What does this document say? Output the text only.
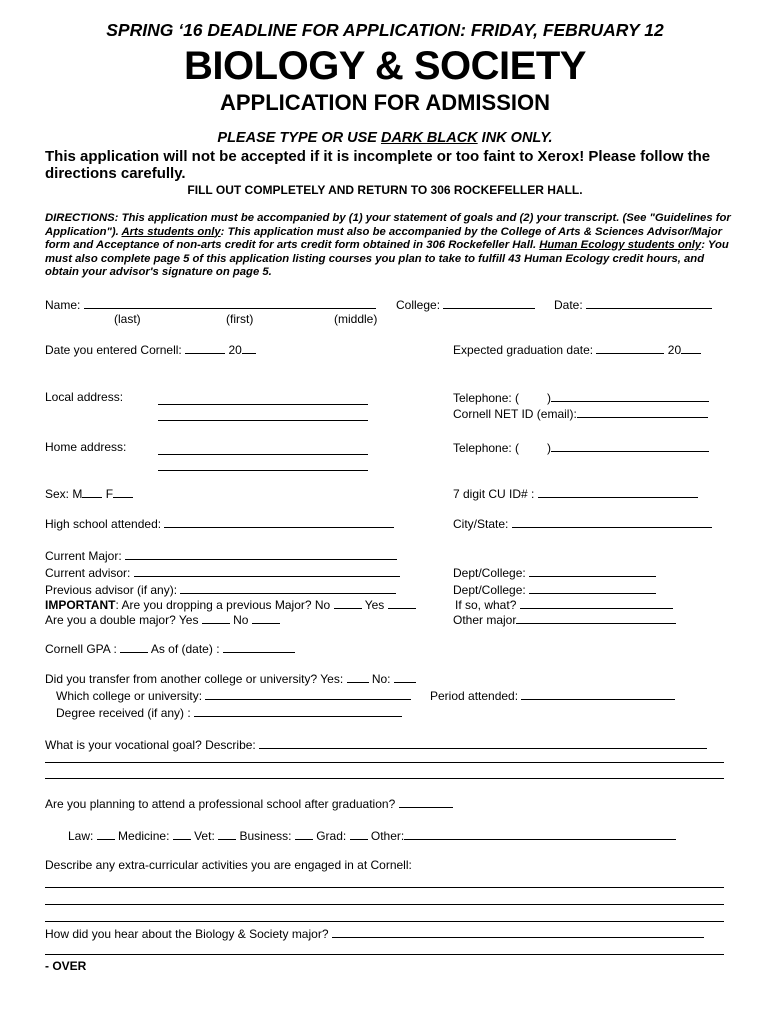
SPRING ‘16 DEADLINE FOR APPLICATION: FRIDAY, FEBRUARY 12
BIOLOGY & SOCIETY
APPLICATION FOR ADMISSION
PLEASE TYPE OR USE DARK BLACK INK ONLY.
This application will not be accepted if it is incomplete or too faint to Xerox! Please follow the directions carefully.
FILL OUT COMPLETELY AND RETURN TO 306 ROCKEFELLER HALL.
DIRECTIONS: This application must be accompanied by (1) your statement of goals and (2) your transcript. (See "Guidelines for Application"). Arts students only: This application must also be accompanied by the College of Arts & Sciences Advisor/Major form and Acceptance of non-arts credit for arts credit form obtained in 306 Rockefeller Hall. Human Ecology students only: You must also complete page 5 of this application listing courses you plan to take to fulfill 43 Human Ecology credit hours, and obtain your advisor's signature on page 5.
Name:	College:	Date:
(last)	(first)	(middle)
Date you entered Cornell:	20	Expected graduation date:	20
Local address:	Telephone: ( )
Cornell NET ID (email):
Home address:	Telephone: ( )
Sex: M F	7 digit CU ID# :
High school attended:	City/State:
Current Major:
Current advisor:	Dept/College:
Previous advisor (if any):	Dept/College:
IMPORTANT: Are you dropping a previous Major? No	Yes	If so, what?
Are you a double major? Yes	No	Other major
Cornell GPA :	As of (date) :
Did you transfer from another college or university? Yes: No:
Which college or university:	Period attended:
Degree received (if any) :
What is your vocational goal? Describe:
Are you planning to attend a professional school after graduation?
Law: Medicine: Vet: Business: Grad: Other:
Describe any extra-curricular activities you are engaged in at Cornell:
How did you hear about the Biology & Society major?
- OVER
